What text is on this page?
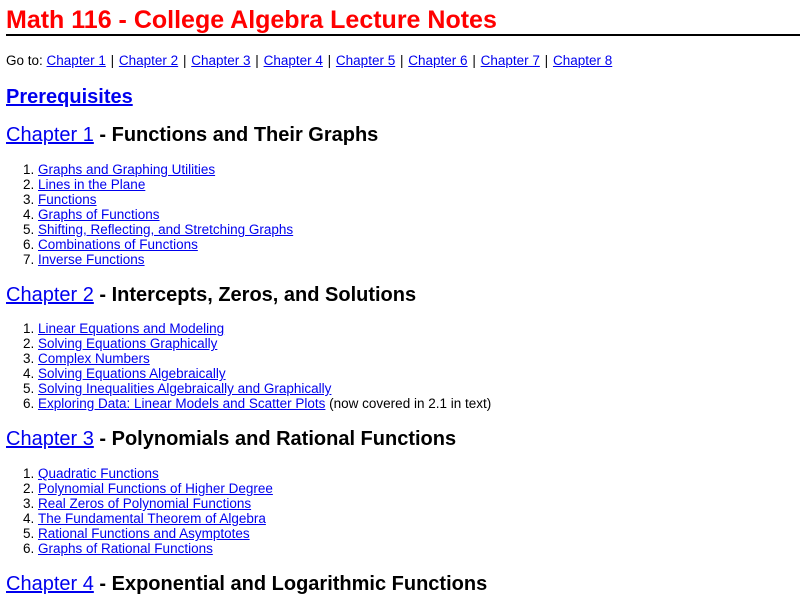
Math 116 - College Algebra Lecture Notes

Go to: Chapter 1 | Chapter 2 | Chapter 3 | Chapter 4 | Chapter 5 | Chapter 6 | Chapter 7 | Chapter 8

Prerequisites
Chapter 1 - Functions and Their Graphs
1. Graphs and Graphing Utilities
2. Lines in the Plane
3. Functions
4. Graphs of Functions
5. Shifting, Reflecting, and Stretching Graphs
6. Combinations of Functions
7. Inverse Functions
Chapter 2 - Intercepts, Zeros, and Solutions
1. Linear Equations and Modeling
2. Solving Equations Graphically
3. Complex Numbers
4. Solving Equations Algebraically
5. Solving Inequalities Algebraically and Graphically
6. Exploring Data: Linear Models and Scatter Plots (now covered in 2.1 in text)
Chapter 3 - Polynomials and Rational Functions
1. Quadratic Functions
2. Polynomial Functions of Higher Degree
3. Real Zeros of Polynomial Functions
4. The Fundamental Theorem of Algebra
5. Rational Functions and Asymptotes
6. Graphs of Rational Functions
Chapter 4 - Exponential and Logarithmic Functions
